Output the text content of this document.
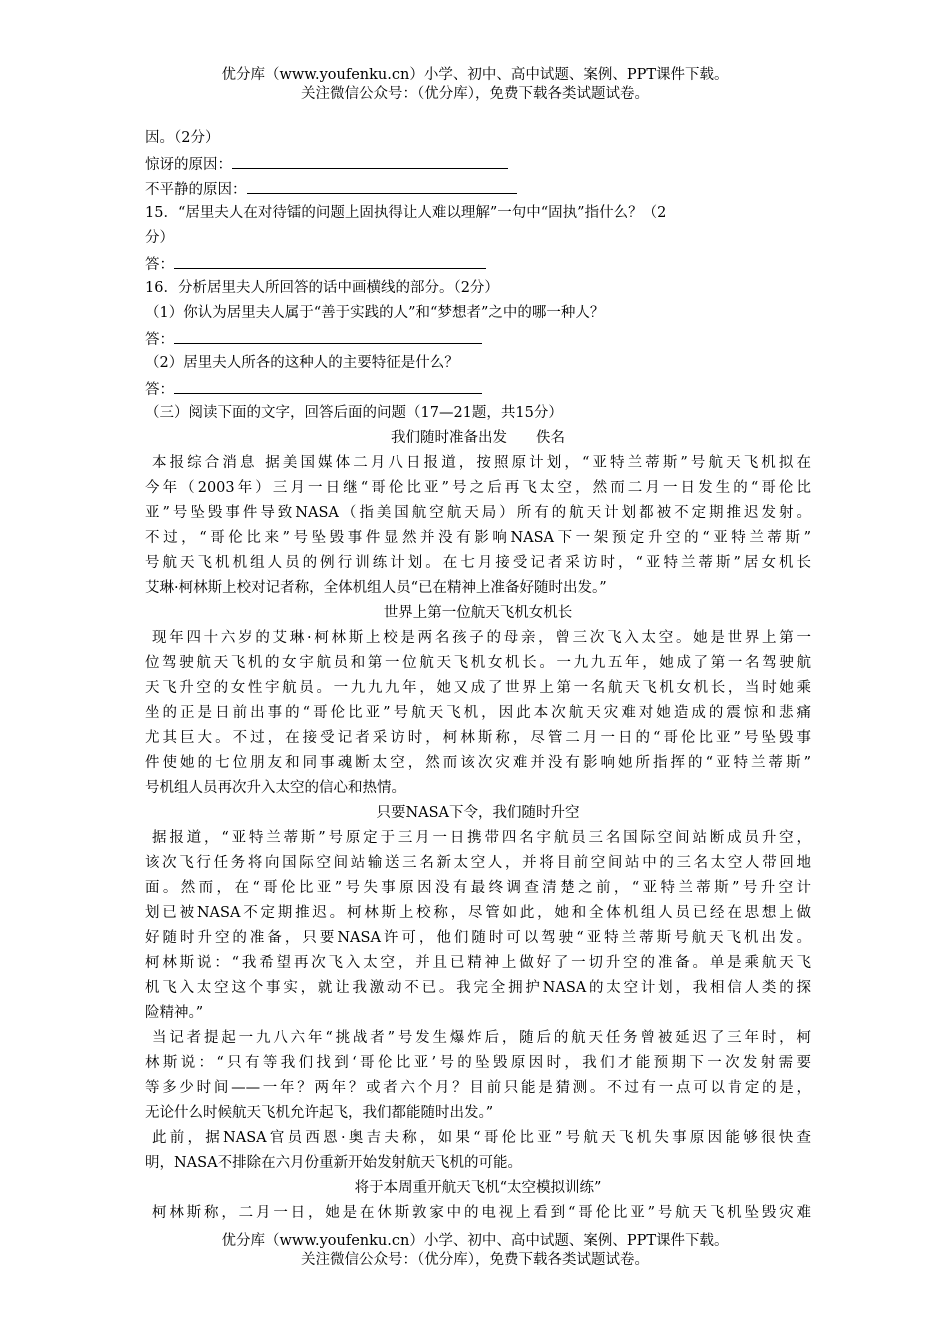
优分库（www.youfenku.cn）小学、初中、高中试题、案例、PPT课件下载。
关注微信公众号：（优分库），免费下载各类试题试卷。
因。（2分）
惊讶的原因：
不平静的原因：
15．“居里夫人在对待镭的问题上固执得让人难以理解”一句中“固执”指什么？（2
分）
答：
16．分析居里夫人所回答的话中画横线的部分。（2分）
（1）你认为居里夫人属于“善于实践的人”和“梦想者”之中的哪一种人？
答：
（2）居里夫人所各的这种人的主要特征是什么？
答：
（三）阅读下面的文字，回答后面的问题（17—21题，共15分）
我们随时准备出发　　佚名
本报综合消息 据美国媒体二月八日报道，按照原计划，“亚特兰蒂斯”号航天飞机拟在
今年（2003年）三月一日继“哥伦比亚”号之后再飞太空，然而二月一日发生的“哥伦比
亚”号坠毁事件导致NASA（指美国航空航天局）所有的航天计划都被不定期推迟发射。
不过，“哥伦比来”号坠毁事件显然并没有影响NASA下一架预定升空的“亚特兰蒂斯”
号航天飞机机组人员的例行训练计划。在七月接受记者采访时，“亚特兰蒂斯”居女机长
艾琳·柯林斯上校对记者称，全体机组人员“已在精神上准备好随时出发。”
世界上第一位航天飞机女机长
现年四十六岁的艾琳·柯林斯上校是两名孩子的母亲，曾三次飞入太空。她是世界上第一
位驾驶航天飞机的女宇航员和第一位航天飞机女机长。一九九五年，她成了第一名驾驶航
天飞升空的女性宇航员。一九九九年，她又成了世界上第一名航天飞机女机长，当时她乘
坐的正是日前出事的“哥伦比亚”号航天飞机，因此本次航天灾难对她造成的震惊和悲痛
尤其巨大。不过，在接受记者采访时，柯林斯称，尽管二月一日的“哥伦比亚”号坠毁事
件使她的七位朋友和同事魂断太空，然而该次灾难并没有影响她所指挥的“亚特兰蒂斯”
号机组人员再次升入太空的信心和热情。
只要NASA下令，我们随时升空
据报道，“亚特兰蒂斯”号原定于三月一日携带四名宇航员三名国际空间站断成员升空，
该次飞行任务将向国际空间站输送三名新太空人，并将目前空间站中的三名太空人带回地
面。然而，在“哥伦比亚”号失事原因没有最终调查清楚之前，“亚特兰蒂斯”号升空计
划已被NASA不定期推迟。柯林斯上校称，尽管如此，她和全体机组人员已经在思想上做
好随时升空的准备，只要NASA许可，他们随时可以驾驶“亚特兰蒂斯号航天飞机出发。
柯林斯说：“我希望再次飞入太空，并且已精神上做好了一切升空的准备。单是乘航天飞
机飞入太空这个事实，就让我激动不已。我完全拥护NASA的太空计划，我相信人类的探
险精神。”
当记者提起一九八六年“挑战者”号发生爆炸后，随后的航天任务曾被延迟了三年时，柯
林斯说：“只有等我们找到‘哥伦比亚’号的坠毁原因时，我们才能预期下一次发射需要
等多少时间——一年？两年？或者六个月？目前只能是猜测。不过有一点可以肯定的是，
无论什么时候航天飞机允许起飞，我们都能随时出发。”
此前，据NASA官员西恩·奥吉夫称，如果“哥伦比亚”号航天飞机失事原因能够很快查
明，NASA不排除在六月份重新开始发射航天飞机的可能。
将于本周重开航天飞机“太空模拟训练”
柯林斯称，二月一日，她是在休斯敦家中的电视上看到“哥伦比亚”号航天飞机坠毁灾难
优分库（www.youfenku.cn）小学、初中、高中试题、案例、PPT课件下载。
关注微信公众号：（优分库），免费下载各类试题试卷。
